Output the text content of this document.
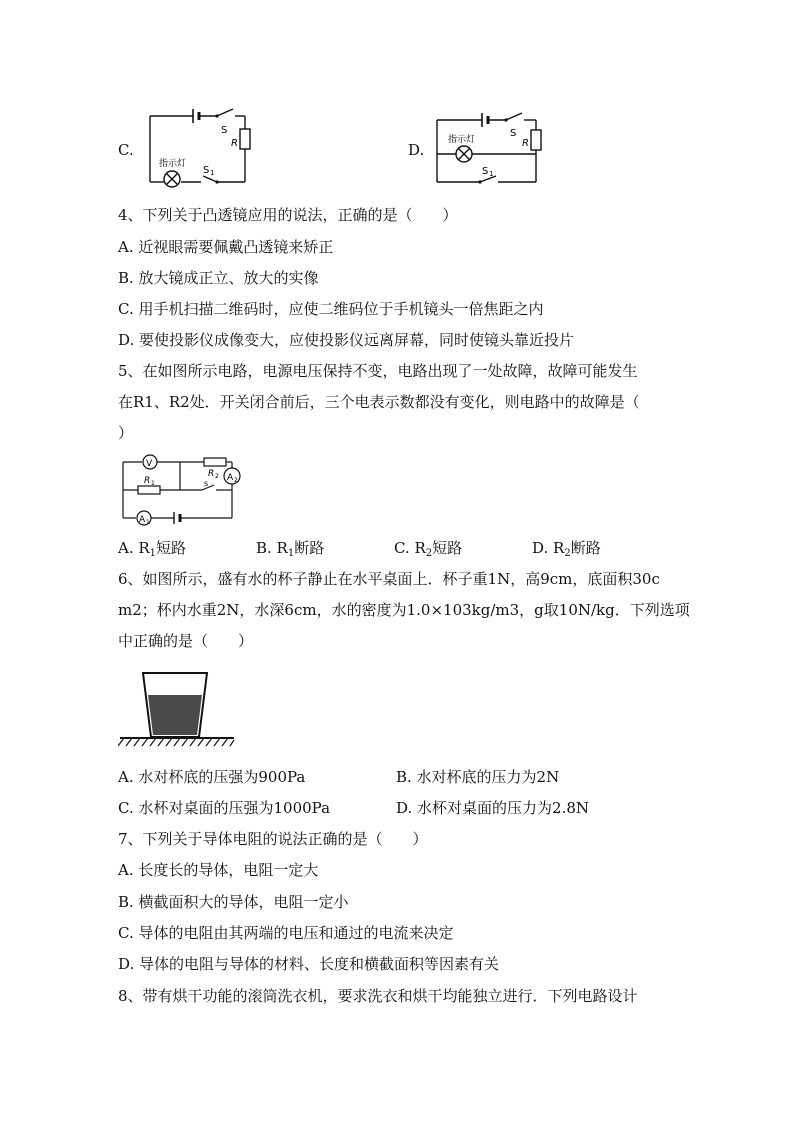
C.
S
R
指示灯
S 1
D.
S
R
指示灯
S 1
4、下列关于凸透镜应用的说法，正确的是（　　）
A. 近视眼需要佩戴凸透镜来矫正
B. 放大镜成正立、放大的实像
C. 用手机扫描二维码时，应使二维码位于手机镜头一倍焦距之内
D. 要使投影仪成像变大，应使投影仪远离屏幕，同时使镜头靠近投片
5、在如图所示电路，电源电压保持不变，电路出现了一处故障，故障可能发生
在R1、R2处．开关闭合前后，三个电表示数都没有变化，则电路中的故障是（
）
V
A 1
A 2
R 1
R 2
s
A. $R_1$短路	B. $R_1$断路	C. $R_2$短路	D. $R_2$断路
6、如图所示，盛有水的杯子静止在水平桌面上．杯子重1N，高9cm，底面积30c
m2；杯内水重2N，水深6cm，水的密度为1.0×103kg/m3，g取10N/kg．下列选项
中正确的是（　　）
A. 水对杯底的压强为900Pa	B. 水对杯底的压力为2N
C. 水杯对桌面的压强为1000Pa	D. 水杯对桌面的压力为2.8N
7、下列关于导体电阻的说法正确的是（　　）
A. 长度长的导体，电阻一定大
B. 横截面积大的导体，电阻一定小
C. 导体的电阻由其两端的电压和通过的电流来决定
D. 导体的电阻与导体的材料、长度和横截面积等因素有关
8、带有烘干功能的滚筒洗衣机，要求洗衣和烘干均能独立进行．下列电路设计
